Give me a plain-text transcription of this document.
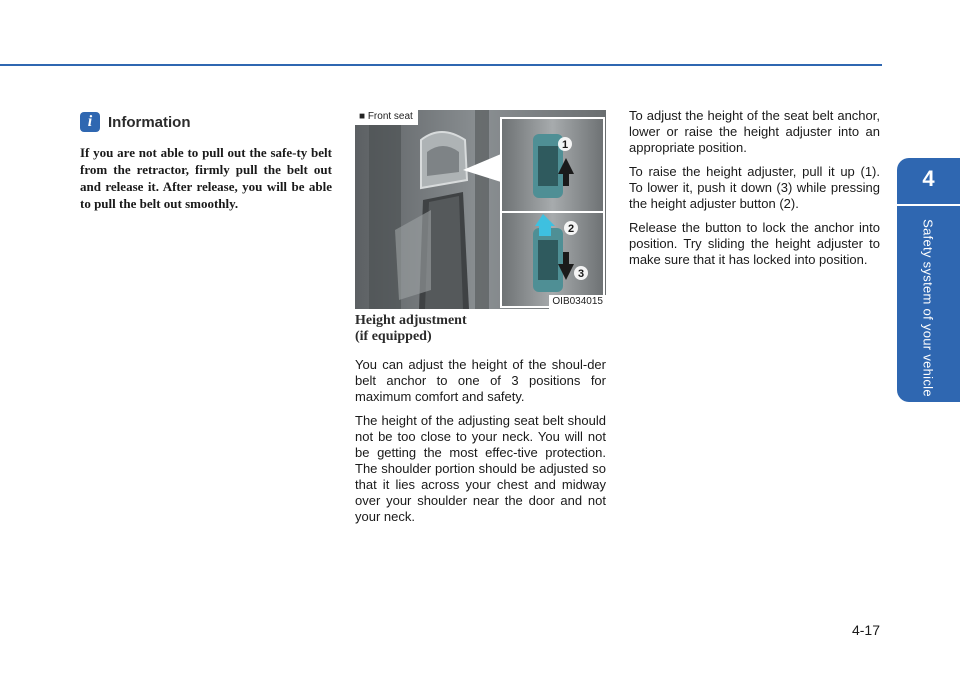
4
Safety system of your vehicle
i	Information
If you are not able to pull out the safe-ty belt from the retractor, firmly pull the belt out and release it. After release, you will be able to pull the belt out smoothly.
1
2
3
■ Front seat
OIB034015
Height adjustment
(if equipped)

You can adjust the height of the shoul-der belt anchor to one of 3 positions for maximum comfort and safety.

The height of the adjusting seat belt should not be too close to your neck. You will not be getting the most effec-tive protection. The shoulder portion should be adjusted so that it lies across your chest and midway over your shoulder near the door and not your neck.

To adjust the height of the seat belt anchor, lower or raise the height adjuster into an appropriate position.

To raise the height adjuster, pull it up (1). To lower it, push it down (3) while pressing the height adjuster button (2).

Release the button to lock the anchor into position. Try sliding the height adjuster to make sure that it has locked into position.

4-17
